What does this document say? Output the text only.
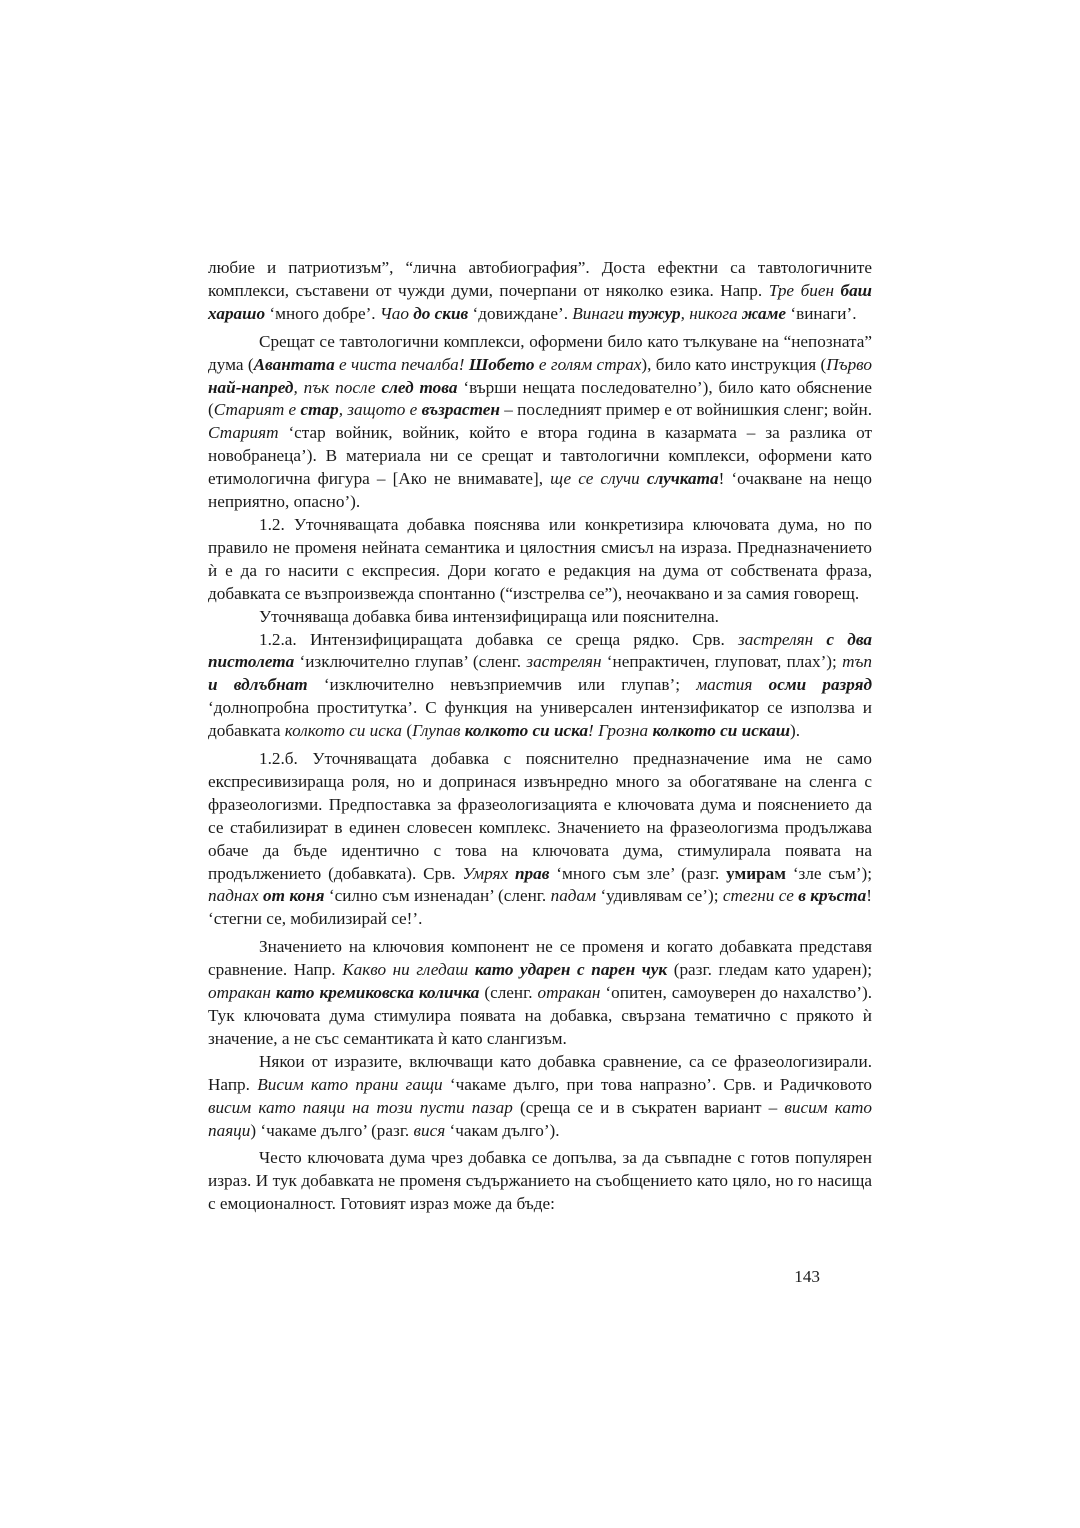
любие и патриотизъм”, “лична автобиография”. Доста ефектни са тавтологичните комплекси, съставени от чужди думи, почерпани от няколко езика. Напр. Тре биен баш харашо ‘много добре’. Чао до скив ‘довиждане’. Винаги тужур, никога жаме ‘винаги’.

Срещат се тавтологични комплекси, оформени било като тълкуване на “непозната” дума (Авантата е чиста печалба! Шобето е голям страх), било като инструкция (Първо най-напред, пък после след това ‘върши нещата последователно’), било като обяснение (Старият е стар, защото е възрастен – последният пример е от войнишкия сленг; войн. Старият ‘стар войник, войник, който е втора година в казармата – за разлика от новобранеца’). В материала ни се срещат и тавтологични комплекси, оформени като етимологична фигура – [Ако не внимавате], ще се случи случката! ‘очакване на нещо неприятно, опасно’).

1.2. Уточняващата добавка пояснява или конкретизира ключовата дума, но по правило не променя нейната семантика и цялостния смисъл на израза. Предназначението ѝ е да го насити с експресия. Дори когато е редакция на дума от собствената фраза, добавката се възпроизвежда спонтанно (“изстрелва се”), неочаквано и за самия говорещ.

Уточняваща добавка бива интензифицираща или пояснителна.

1.2.а. Интензифициращата добавка се среща рядко. Срв. застрелян с два пистолета ‘изключително глупав’ (сленг. застрелян ‘непрактичен, глуповат, плах’); тъп и вдлъбнат ‘изключително невъзприемчив или глупав’; мастия осми разряд ‘долнопробна проститутка’. С функция на универсален интензификатор се използва и добавката колкото си иска (Глупав колкото си иска! Грозна колкото си искаш).

1.2.б. Уточняващата добавка с пояснително предназначение има не само експресивизираща роля, но и допринася извънредно много за обогатяване на сленга с фразеологизми. Предпоставка за фразеологизацията е ключовата дума и пояснението да се стабилизират в единен словесен комплекс. Значението на фразеологизма продължава обаче да бъде идентично с това на ключовата дума, стимулирала появата на продължението (добавката). Срв. Умрях прав ‘много съм зле’ (разг. умирам ‘зле съм’); паднах от коня ‘силно съм изненадан’ (сленг. падам ‘удивлявам се’); стегни се в кръста! ‘стегни се, мобилизирай се!’.

Значението на ключовия компонент не се променя и когато добавката представя сравнение. Напр. Какво ни гледаш като ударен с парен чук (разг. гледам като ударен); отракан като кремиковска количка (сленг. отракан ‘опитен, самоуверен до нахалство’). Тук ключовата дума стимулира появата на добавка, свързана тематично с прякото ѝ значение, а не със семантиката ѝ като слангизъм.

Някои от изразите, включващи като добавка сравнение, са се фразеологизирали. Напр. Висим като прани гащи ‘чакаме дълго, при това напразно’. Срв. и Радичковото висим като паяци на този пусти пазар (среща се и в съкратен вариант – висим като паяци) ‘чакаме дълго’ (разг. вися ‘чакам дълго’).

Често ключовата дума чрез добавка се допълва, за да съвпадне с готов популярен израз. И тук добавката не променя съдържанието на съобщението като цяло, но го насища с емоционалност. Готовият израз може да бъде:

143
